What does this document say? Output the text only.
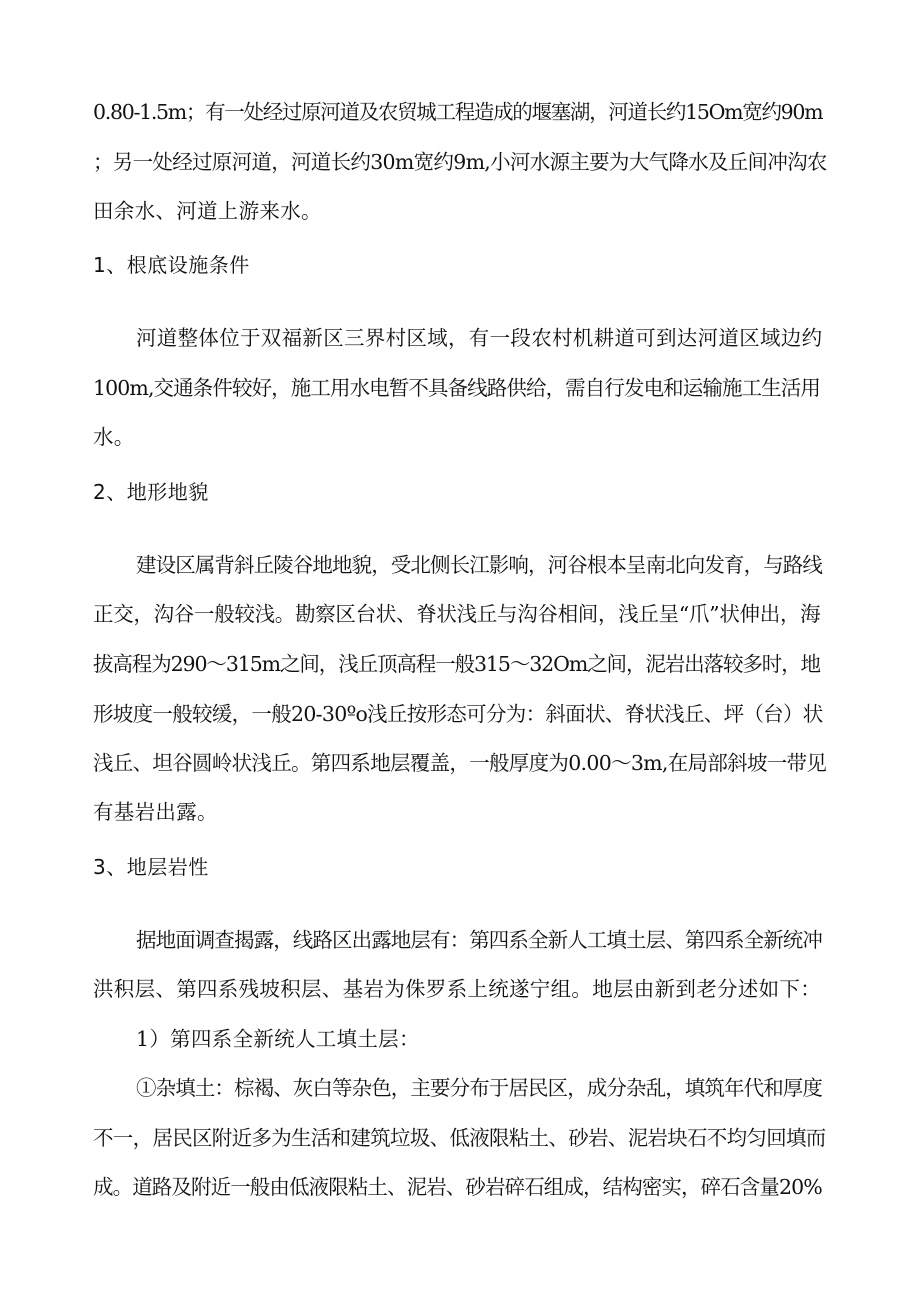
0.80-1.5m；有一处经过原河道及农贸城工程造成的堰塞湖，河道长约15Om宽约90m
；另一处经过原河道，河道长约30m宽约9m,小河水源主要为大气降水及丘间冲沟农
田余水、河道上游来水。
1、根底设施条件
河道整体位于双福新区三界村区域，有一段农村机耕道可到达河道区域边约
100m,交通条件较好，施工用水电暂不具备线路供给，需自行发电和运输施工生活用
水。
2、地形地貌
建设区属背斜丘陵谷地地貌，受北侧长江影响，河谷根本呈南北向发育，与路线
正交，沟谷一般较浅。勘察区台状、脊状浅丘与沟谷相间，浅丘呈“爪”状伸出，海
拔高程为290～315m之间，浅丘顶高程一般315～32Om之间，泥岩出落较多时，地
形坡度一般较缓，一般20-30ºo浅丘按形态可分为：斜面状、脊状浅丘、坪（台）状
浅丘、坦谷圆岭状浅丘。第四系地层覆盖，一般厚度为0.00～3m,在局部斜坡一带见
有基岩出露。
3、地层岩性
据地面调查揭露，线路区出露地层有：第四系全新人工填土层、第四系全新统冲
洪积层、第四系残坡积层、基岩为侏罗系上统遂宁组。地层由新到老分述如下：
1）第四系全新统人工填土层：
①杂填土：棕褐、灰白等杂色，主要分布于居民区，成分杂乱，填筑年代和厚度
不一，居民区附近多为生活和建筑垃圾、低液限粘土、砂岩、泥岩块石不均匀回填而
成。道路及附近一般由低液限粘土、泥岩、砂岩碎石组成，结构密实，碎石含量20%
